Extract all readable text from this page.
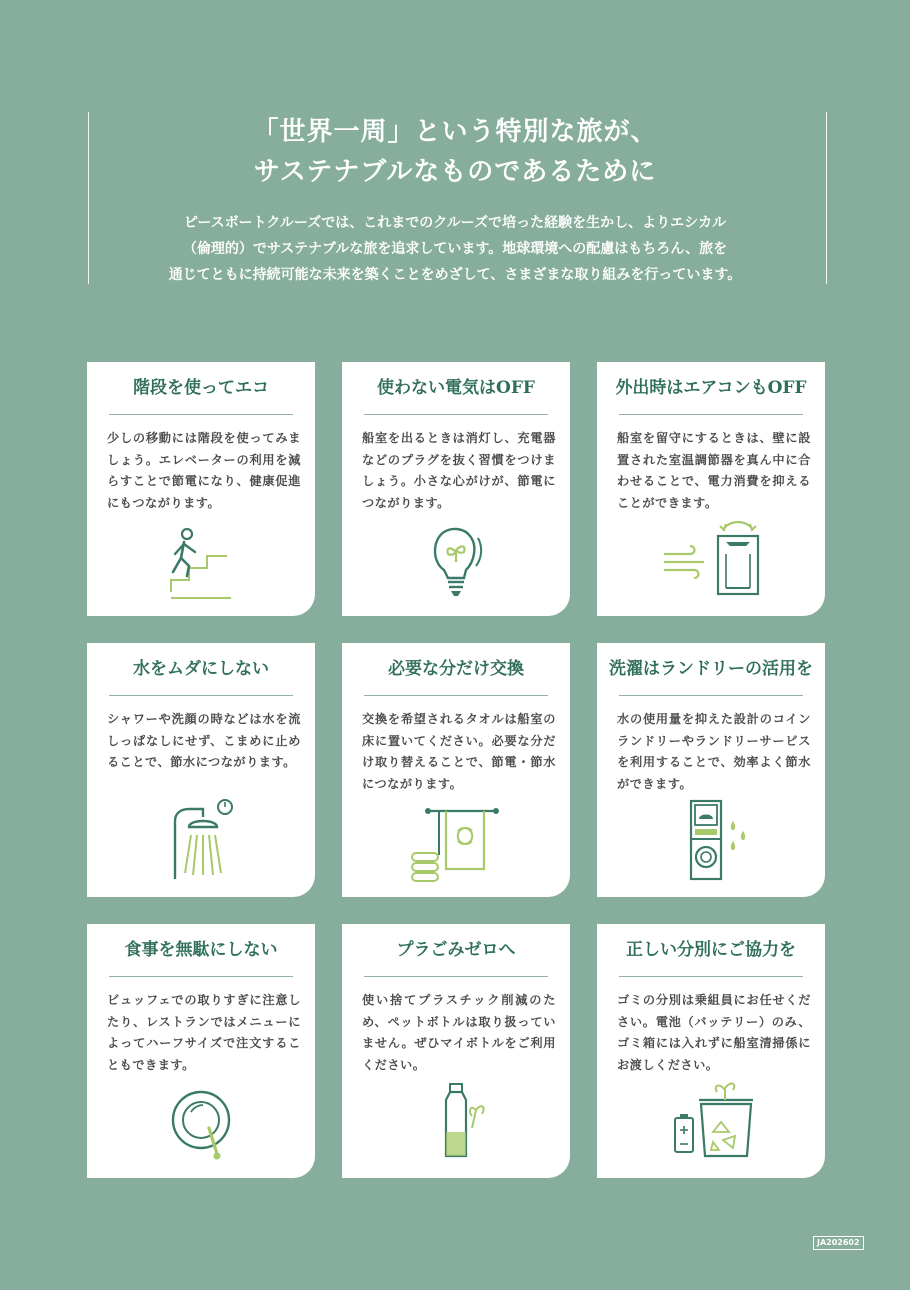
「世界一周」という特別な旅が、
サステナブルなものであるために
ピースボートクルーズでは、これまでのクルーズで培った経験を生かし、よりエシカル
（倫理的）でサステナブルな旅を追求しています。地球環境への配慮はもちろん、旅を
通じてともに持続可能な未来を築くことをめざして、さまざまな取り組みを行っています。
階段を使ってエコ
少しの移動には階段を使ってみましょう。エレベーターの利用を減らすことで節電になり、健康促進にもつながります。
使わない電気はOFF
船室を出るときは消灯し、充電器などのプラグを抜く習慣をつけましょう。小さな心がけが、節電につながります。
外出時はエアコンもOFF
船室を留守にするときは、壁に設置された室温調節器を真ん中に合わせることで、電力消費を抑えることができます。
水をムダにしない
シャワーや洗顔の時などは水を流しっぱなしにせず、こまめに止めることで、節水につながります。
必要な分だけ交換
交換を希望されるタオルは船室の床に置いてください。必要な分だけ取り替えることで、節電・節水につながります。
洗濯はランドリーの活用を
水の使用量を抑えた設計のコインランドリーやランドリーサービスを利用することで、効率よく節水ができます。
食事を無駄にしない
ビュッフェでの取りすぎに注意したり、レストランではメニューによってハーフサイズで注文することもできます。
プラごみゼロへ
使い捨てプラスチック削減のため、ペットボトルは取り扱っていません。ぜひマイボトルをご利用ください。
正しい分別にご協力を
ゴミの分別は乗組員にお任せください。電池（バッテリー）のみ、ゴミ箱には入れずに船室清掃係にお渡しください。
JA202602
